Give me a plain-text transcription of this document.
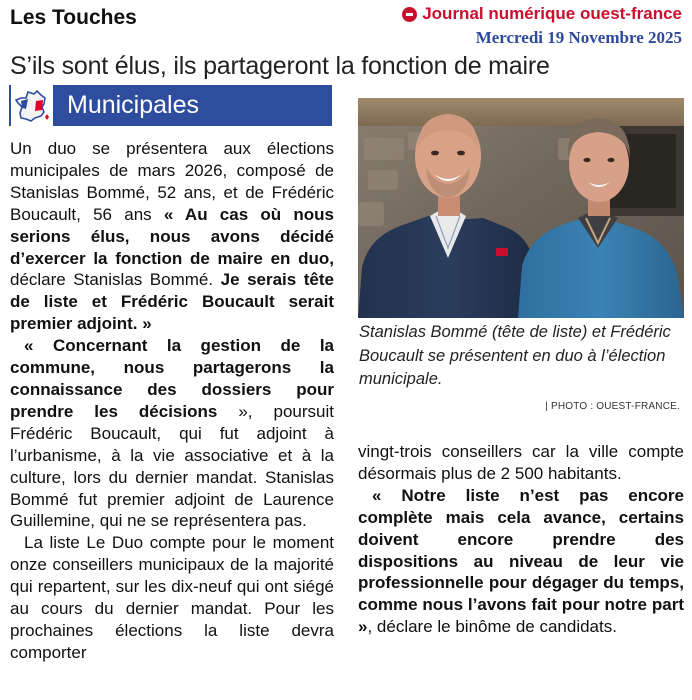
Les Touches	Journal numérique ouest-france
Mercredi 19 Novembre 2025
S’ils sont élus, ils partageront la fonction de maire
Municipales

Un duo se présentera aux élections municipales de mars 2026, composé de Stanislas Bommé, 52 ans, et de Frédéric Boucault, 56 ans « Au cas où nous serions élus, nous avons décidé d’exercer la fonction de maire en duo, déclare Stanislas Bommé. Je serais tête de liste et Frédéric Boucault serait premier adjoint. »

« Concernant la gestion de la commune, nous partagerons la connaissance des dossiers pour prendre les décisions », poursuit Frédéric Boucault, qui fut adjoint à l’urbanisme, à la vie associative et à la culture, lors du dernier mandat. Stanislas Bommé fut premier adjoint de Laurence Guillemine, qui ne se représentera pas.

La liste Le Duo compte pour le moment onze conseillers municipaux de la majorité qui repartent, sur les dix-neuf qui ont siégé au cours du dernier mandat. Pour les prochaines élections la liste devra comporter

Stanislas Bommé (tête de liste) et Frédéric Boucault se présentent en duo à l’élection municipale.
| PHOTO : OUEST-FRANCE.

vingt-trois conseillers car la ville compte désormais plus de 2 500 habitants.

« Notre liste n’est pas encore complète mais cela avance, certains doivent encore prendre des dispositions au niveau de leur vie professionnelle pour dégager du temps, comme nous l’avons fait pour notre part », déclare le binôme de candidats.
